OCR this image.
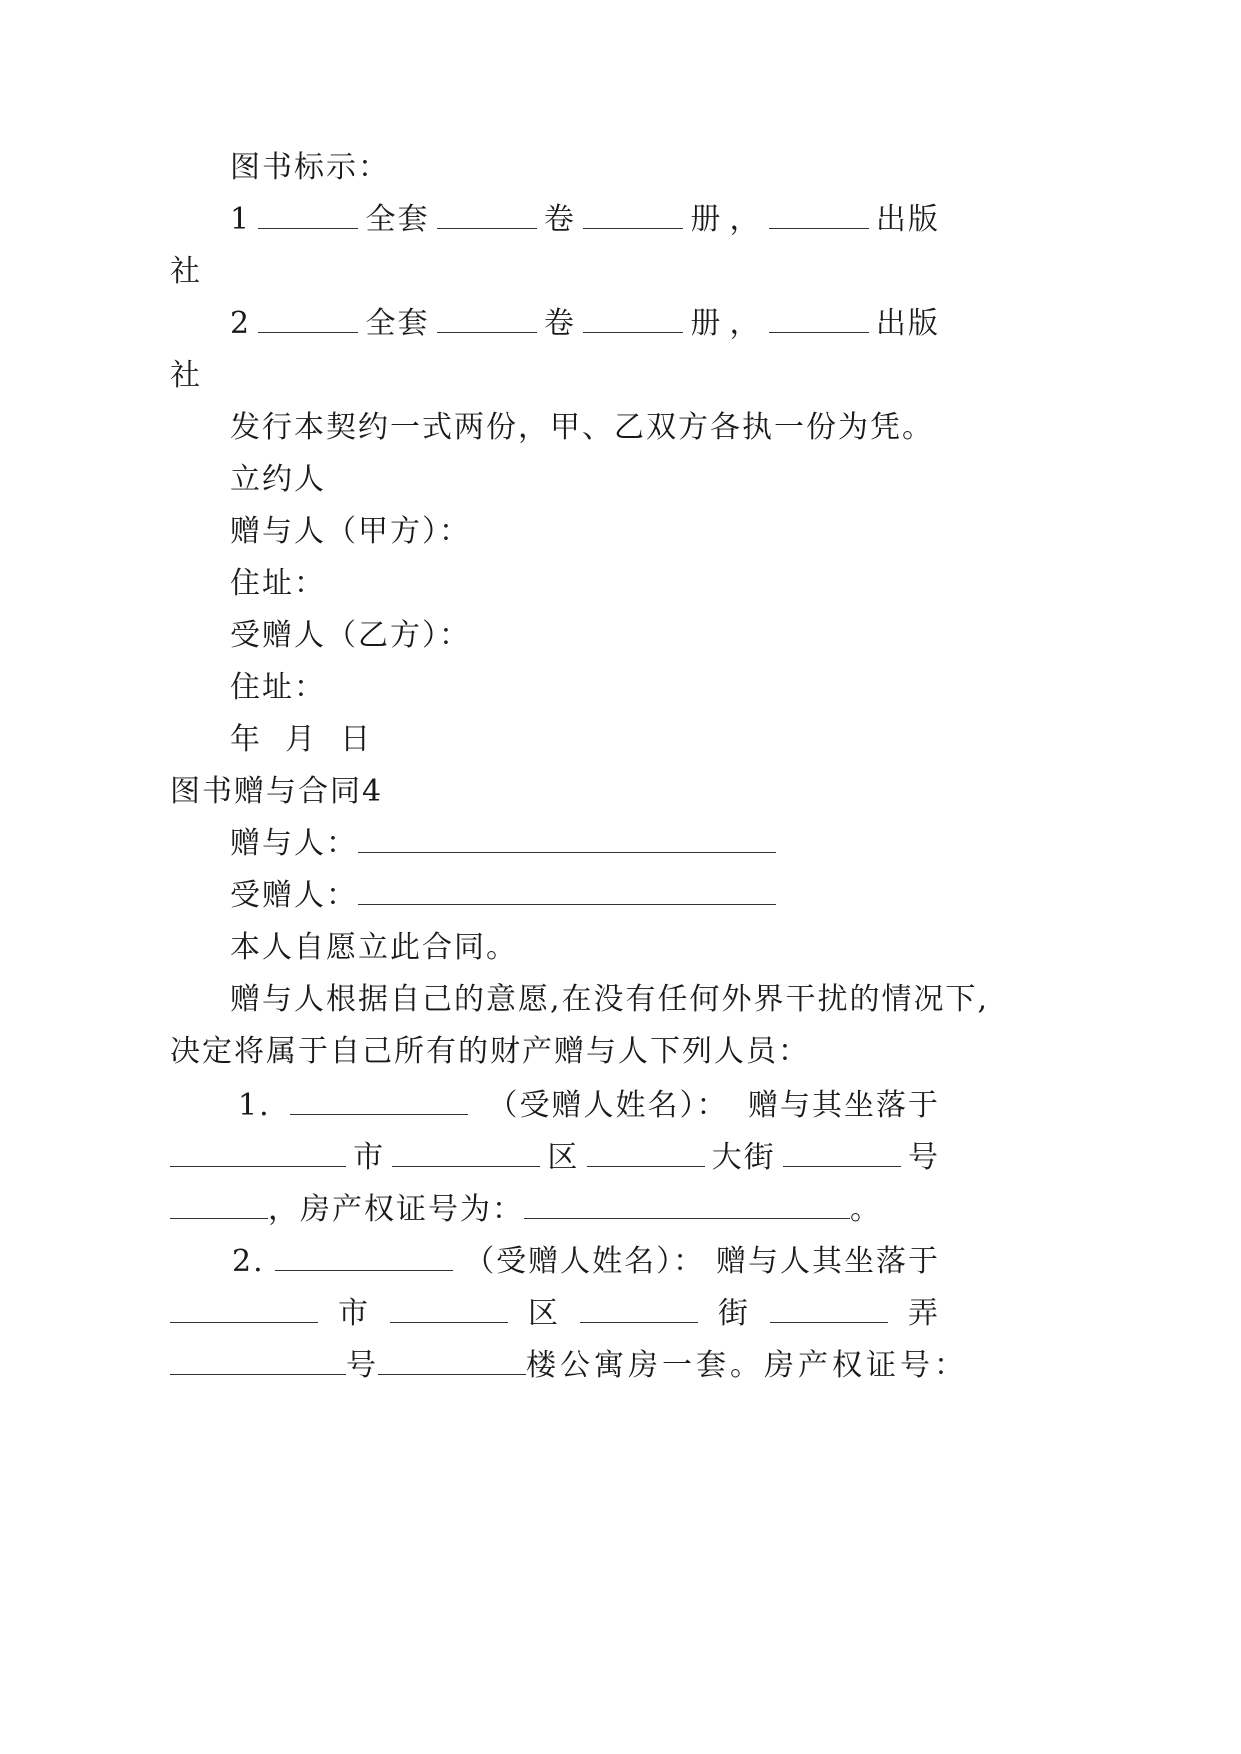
图书标示：
1	全套	卷	册 ，	出版
社
2	全套	卷	册 ，	出版
社
发行本契约一式两份，甲、乙双方各执一份为凭。
立约人
赠与人（甲方）：
住址：
受赠人（乙方）：
住址：
年  月  日
图书赠与合同4
赠与人：
受赠人：
本人自愿立此合同。
赠与人根据自己的意愿,在没有任何外界干扰的情况下,
决定将属于自己所有的财产赠与人下列人员：
1.	（受赠人姓名）： 赠与其坐落于
市	区	大街	号
，房产权证号为：	。
2.	（受赠人姓名）： 赠与人其坐落于
市	区	街	弄
号	楼公寓房一套。房产权证号：
